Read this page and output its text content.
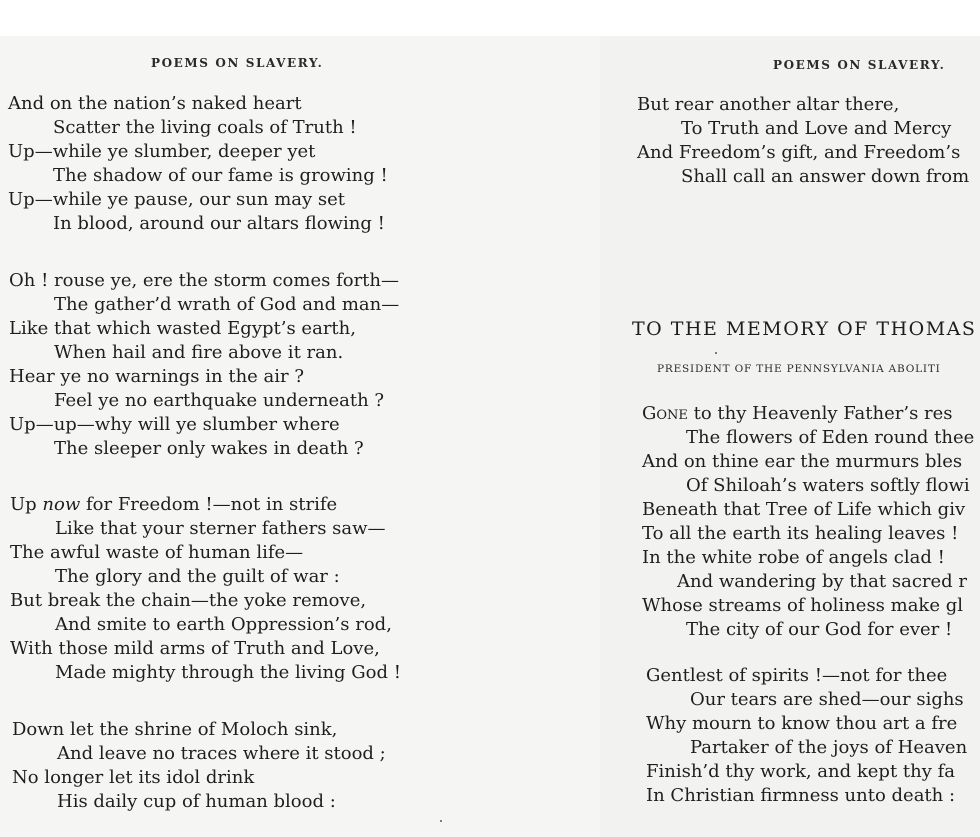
POEMS ON SLAVERY.
And on the nation’s naked heart
Scatter the living coals of Truth !
Up—while ye slumber, deeper yet
The shadow of our fame is growing !
Up—while ye pause, our sun may set
In blood, around our altars flowing !
Oh ! rouse ye, ere the storm comes forth—
The gather’d wrath of God and man—
Like that which wasted Egypt’s earth,
When hail and fire above it ran.
Hear ye no warnings in the air ?
Feel ye no earthquake underneath ?
Up—up—why will ye slumber where
The sleeper only wakes in death ?
Up now for Freedom !—not in strife
Like that your sterner fathers saw—
The awful waste of human life—
The glory and the guilt of war :
But break the chain—the yoke remove,
And smite to earth Oppression’s rod,
With those mild arms of Truth and Love,
Made mighty through the living God !
Down let the shrine of Moloch sink,
And leave no traces where it stood ;
No longer let its idol drink
His daily cup of human blood :
POEMS ON SLAVERY.
But rear another altar there,
To Truth and Love and Mercy
And Freedom’s gift, and Freedom’s
Shall call an answer down from
TO THE MEMORY OF THOMAS
PRESIDENT OF THE PENNSYLVANIA ABOLITI
Gone to thy Heavenly Father’s res
The flowers of Eden round thee
And on thine ear the murmurs bles
Of Shiloah’s waters softly flowi
Beneath that Tree of Life which giv
To all the earth its healing leaves !
In the white robe of angels clad !
And wandering by that sacred r
Whose streams of holiness make gl
The city of our God for ever !
Gentlest of spirits !—not for thee
Our tears are shed—our sighs
Why mourn to know thou art a fre
Partaker of the joys of Heaven
Finish’d thy work, and kept thy fa
In Christian firmness unto death :
